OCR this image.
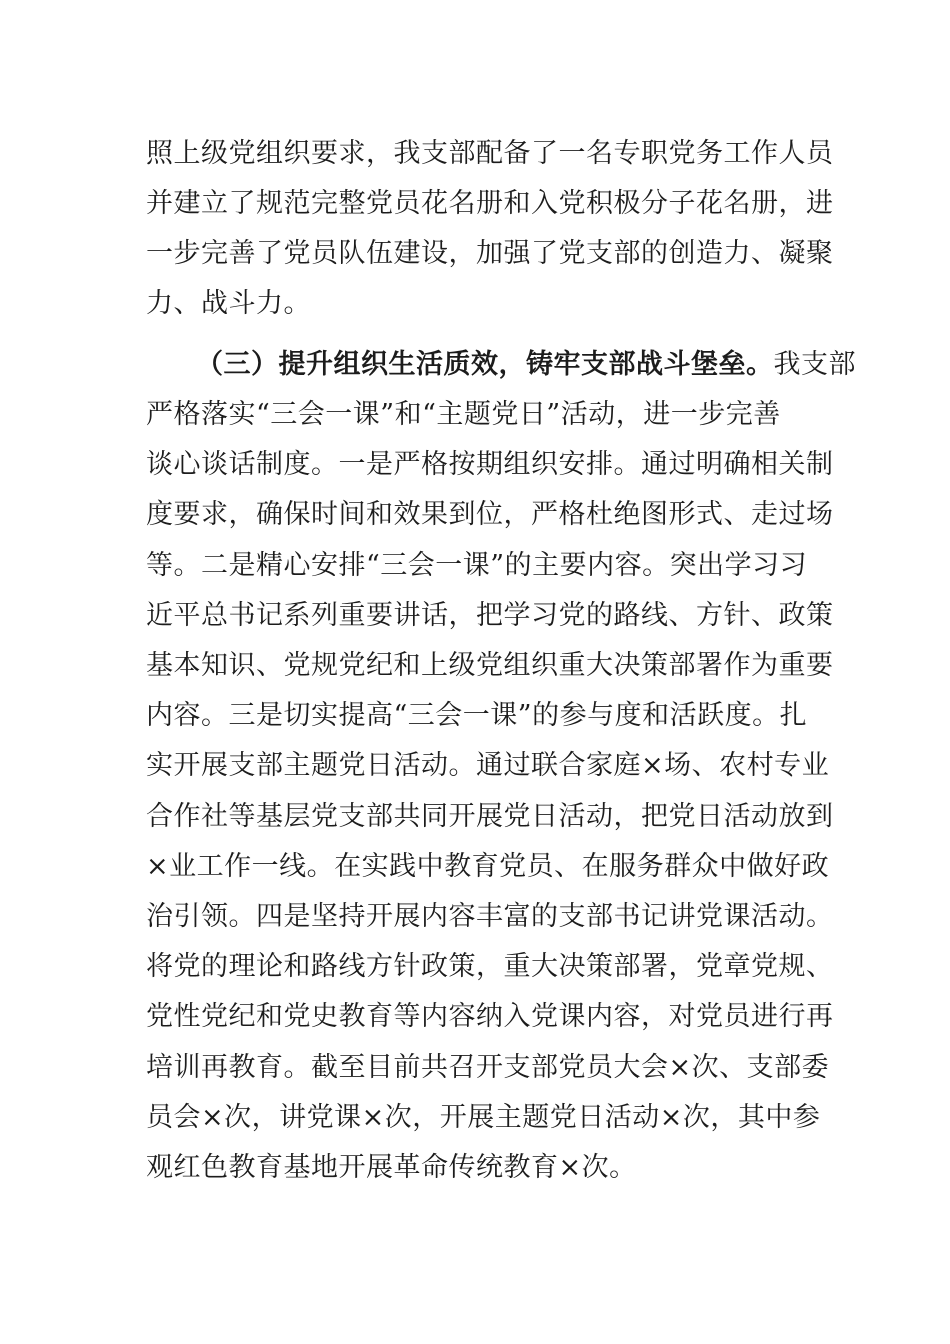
照上级党组织要求，我支部配备了一名专职党务工作人员
并建立了规范完整党员花名册和入党积极分子花名册，进
一步完善了党员队伍建设，加强了党支部的创造力、凝聚
力、战斗力。
（三）提升组织生活质效，铸牢支部战斗堡垒。我支部
严格落实“三会一课”和“主题党日”活动，进一步完善
谈心谈话制度。一是严格按期组织安排。通过明确相关制
度要求，确保时间和效果到位，严格杜绝图形式、走过场
等。二是精心安排“三会一课”的主要内容。突出学习习
近平总书记系列重要讲话，把学习党的路线、方针、政策
基本知识、党规党纪和上级党组织重大决策部署作为重要
内容。三是切实提高“三会一课”的参与度和活跃度。扎
实开展支部主题党日活动。通过联合家庭×场、农村专业
合作社等基层党支部共同开展党日活动，把党日活动放到
×业工作一线。在实践中教育党员、在服务群众中做好政
治引领。四是坚持开展内容丰富的支部书记讲党课活动。
将党的理论和路线方针政策，重大决策部署，党章党规、
党性党纪和党史教育等内容纳入党课内容，对党员进行再
培训再教育。截至目前共召开支部党员大会×次、支部委
员会×次，讲党课×次，开展主题党日活动×次，其中参
观红色教育基地开展革命传统教育×次。
